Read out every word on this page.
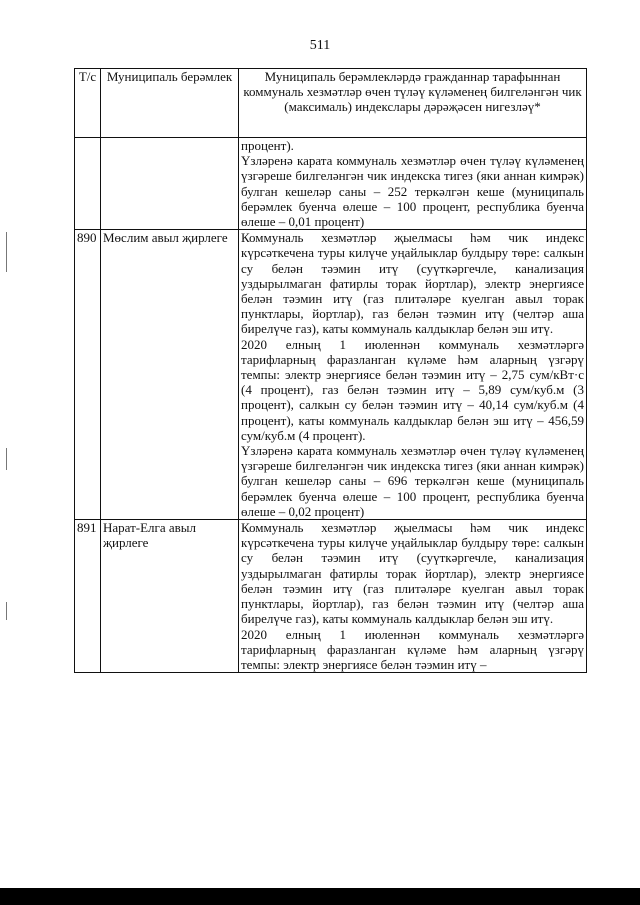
511
Т/с	Муниципаль берәмлек	Муниципаль берәмлекләрдә гражданнар тарафыннан коммуналь хезмәтләр өчен түләү күләменең билгеләнгән чик (максималь) индекслары дәрәҗәсен нигезләү*

		процент).
Үзләренә карата коммуналь хезмәтләр өчен түләү күләменең үзгәреше билгеләнгән чик индекска тигез (яки аннан кимрәк) булган кешеләр саны – 252 теркәлгән кеше (муниципаль берәмлек буенча өлеше – 100 процент, республика буенча өлеше – 0,01 процент)

890	Мөслим авыл җирлеге	Коммуналь хезмәтләр җыелмасы һәм чик индекс күрсәткечена туры килүче уңайлыклар булдыру төре: салкын су белән тәэмин итү (суүткәргечле, канализация уздырылмаган фатирлы торак йортлар), электр энергиясе белән тәэмин итү (газ плитәләре куелган авыл торак пунктлары, йортлар), газ белән тәэмин итү (челтәр аша бирелүче газ), каты коммуналь калдыклар белән эш итү.
2020 елның 1 июленнән коммуналь хезмәтләргә тарифларның фаразланган күләме һәм аларның үзгәрү темпы: электр энергиясе белән тәэмин итү – 2,75 сум/кВт·с (4 процент), газ белән тәэмин итү – 5,89 сум/куб.м (3 процент), салкын су белән тәэмин итү – 40,14 сум/куб.м (4 процент), каты коммуналь калдыклар белән эш итү – 456,59 сум/куб.м (4 процент).
Үзләренә карата коммуналь хезмәтләр өчен түләү күләменең үзгәреше билгеләнгән чик индекска тигез (яки аннан кимрәк) булган кешеләр саны – 696 теркәлгән кеше (муниципаль берәмлек буенча өлеше – 100 процент, республика буенча өлеше – 0,02 процент)

891	Нарат-Елга авыл җирлеге	Коммуналь хезмәтләр җыелмасы һәм чик индекс күрсәткечена туры килүче уңайлыклар булдыру төре: салкын су белән тәэмин итү (суүткәргечле, канализация уздырылмаган фатирлы торак йортлар), электр энергиясе белән тәэмин итү (газ плитәләре куелган авыл торак пунктлары, йортлар), газ белән тәэмин итү (челтәр аша бирелүче газ), каты коммуналь калдыклар белән эш итү.
2020 елның 1 июленнән коммуналь хезмәтләргә тарифларның фаразланган күләме һәм аларның үзгәрү темпы: электр энергиясе белән тәэмин итү –
